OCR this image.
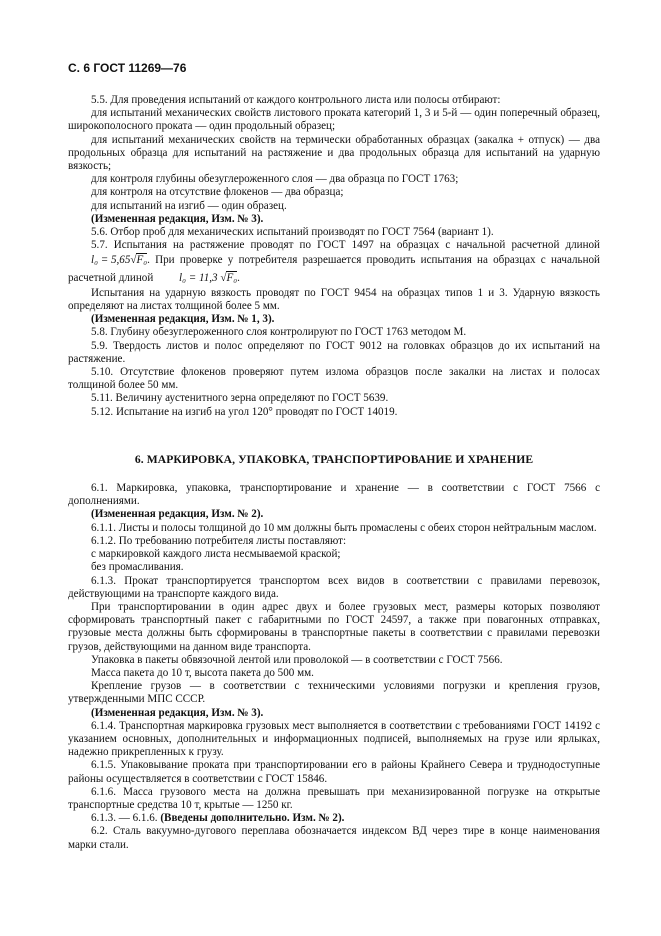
С. 6 ГОСТ 11269—76

5.5. Для проведения испытаний от каждого контрольного листа или полосы отбирают:

для испытаний механических свойств листового проката категорий 1, 3 и 5-й — один поперечный образец, широкополосного проката — один продольный образец;

для испытаний механических свойств на термически обработанных образцах (закалка + отпуск) — два продольных образца для испытаний на растяжение и два продольных образца для испытаний на ударную вязкость;

для контроля глубины обезуглероженного слоя — два образца по ГОСТ 1763;

для контроля на отсутствие флокенов — два образца;

для испытаний на изгиб — один образец.

(Измененная редакция, Изм. № 3).

5.6. Отбор проб для механических испытаний производят по ГОСТ 7564 (вариант 1).

5.7. Испытания на растяжение проводят по ГОСТ 1497 на образцах с начальной расчетной длиной l₀ = 5,65√F₀. При проверке у потребителя разрешается проводить испытания на образцах с начальной расчетной длиной l₀ = 11,3 √F₀.

Испытания на ударную вязкость проводят по ГОСТ 9454 на образцах типов 1 и 3. Ударную вязкость определяют на листах толщиной более 5 мм.

(Измененная редакция, Изм. № 1, 3).

5.8. Глубину обезуглероженного слоя контролируют по ГОСТ 1763 методом М.

5.9. Твердость листов и полос определяют по ГОСТ 9012 на головках образцов до их испытаний на растяжение.

5.10. Отсутствие флокенов проверяют путем излома образцов после закалки на листах и полосах толщиной более 50 мм.

5.11. Величину аустенитного зерна определяют по ГОСТ 5639.

5.12. Испытание на изгиб на угол 120° проводят по ГОСТ 14019.

6. МАРКИРОВКА, УПАКОВКА, ТРАНСПОРТИРОВАНИЕ И ХРАНЕНИЕ

6.1. Маркировка, упаковка, транспортирование и хранение — в соответствии с ГОСТ 7566 с дополнениями.

(Измененная редакция, Изм. № 2).

6.1.1. Листы и полосы толщиной до 10 мм должны быть промаслены с обеих сторон нейтральным маслом.

6.1.2. По требованию потребителя листы поставляют:

с маркировкой каждого листа несмываемой краской;

без промасливания.

6.1.3. Прокат транспортируется транспортом всех видов в соответствии с правилами перевозок, действующими на транспорте каждого вида.

При транспортировании в один адрес двух и более грузовых мест, размеры которых позволяют сформировать транспортный пакет с габаритными по ГОСТ 24597, а также при повагонных отправках, грузовые места должны быть сформированы в транспортные пакеты в соответствии с правилами перевозки грузов, действующими на данном виде транспорта.

Упаковка в пакеты обвязочной лентой или проволокой — в соответствии с ГОСТ 7566.

Масса пакета до 10 т, высота пакета до 500 мм.

Крепление грузов — в соответствии с техническими условиями погрузки и крепления грузов, утвержденными МПС СССР.

(Измененная редакция, Изм. № 3).

6.1.4. Транспортная маркировка грузовых мест выполняется в соответствии с требованиями ГОСТ 14192 с указанием основных, дополнительных и информационных подписей, выполняемых на грузе или ярлыках, надежно прикрепленных к грузу.

6.1.5. Упаковывание проката при транспортировании его в районы Крайнего Севера и труднодоступные районы осуществляется в соответствии с ГОСТ 15846.

6.1.6. Масса грузового места на должна превышать при механизированной погрузке на открытые транспортные средства 10 т, крытые — 1250 кг.

6.1.3. — 6.1.6. (Введены дополнительно. Изм. № 2).

6.2. Сталь вакуумно-дугового переплава обозначается индексом ВД через тире в конце наименования марки стали.
